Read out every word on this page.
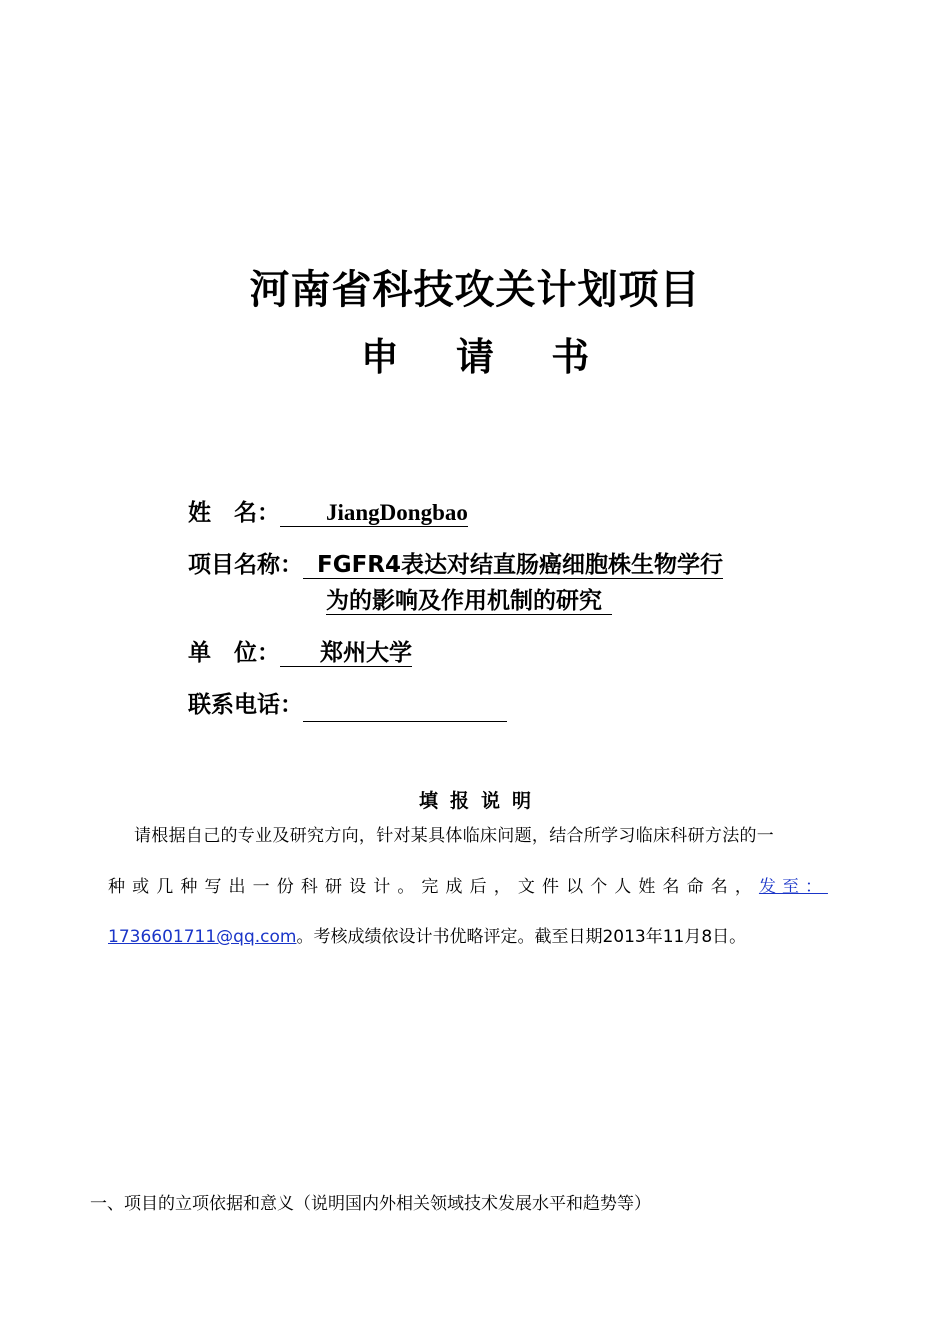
河南省科技攻关计划项目
申 请 书
姓　名： JiangDongbao
项目名称： FGFR4表达对结直肠癌细胞株生物学行
为的影响及作用机制的研究
单　位： 郑州大学
联系电话：
填报说明
请根据自己的专业及研究方向，针对某具体临床问题，结合所学习临床科研方法的一
种 或 几 种 写 出 一 份 科 研 设 计 。 完 成 后 ， 文 件 以 个 人 姓 名 命 名 ， 发至：
1736601711@qq.com。考核成绩依设计书优略评定。截至日期2013年11月8日。
一、项目的立项依据和意义（说明国内外相关领域技术发展水平和趋势等）
